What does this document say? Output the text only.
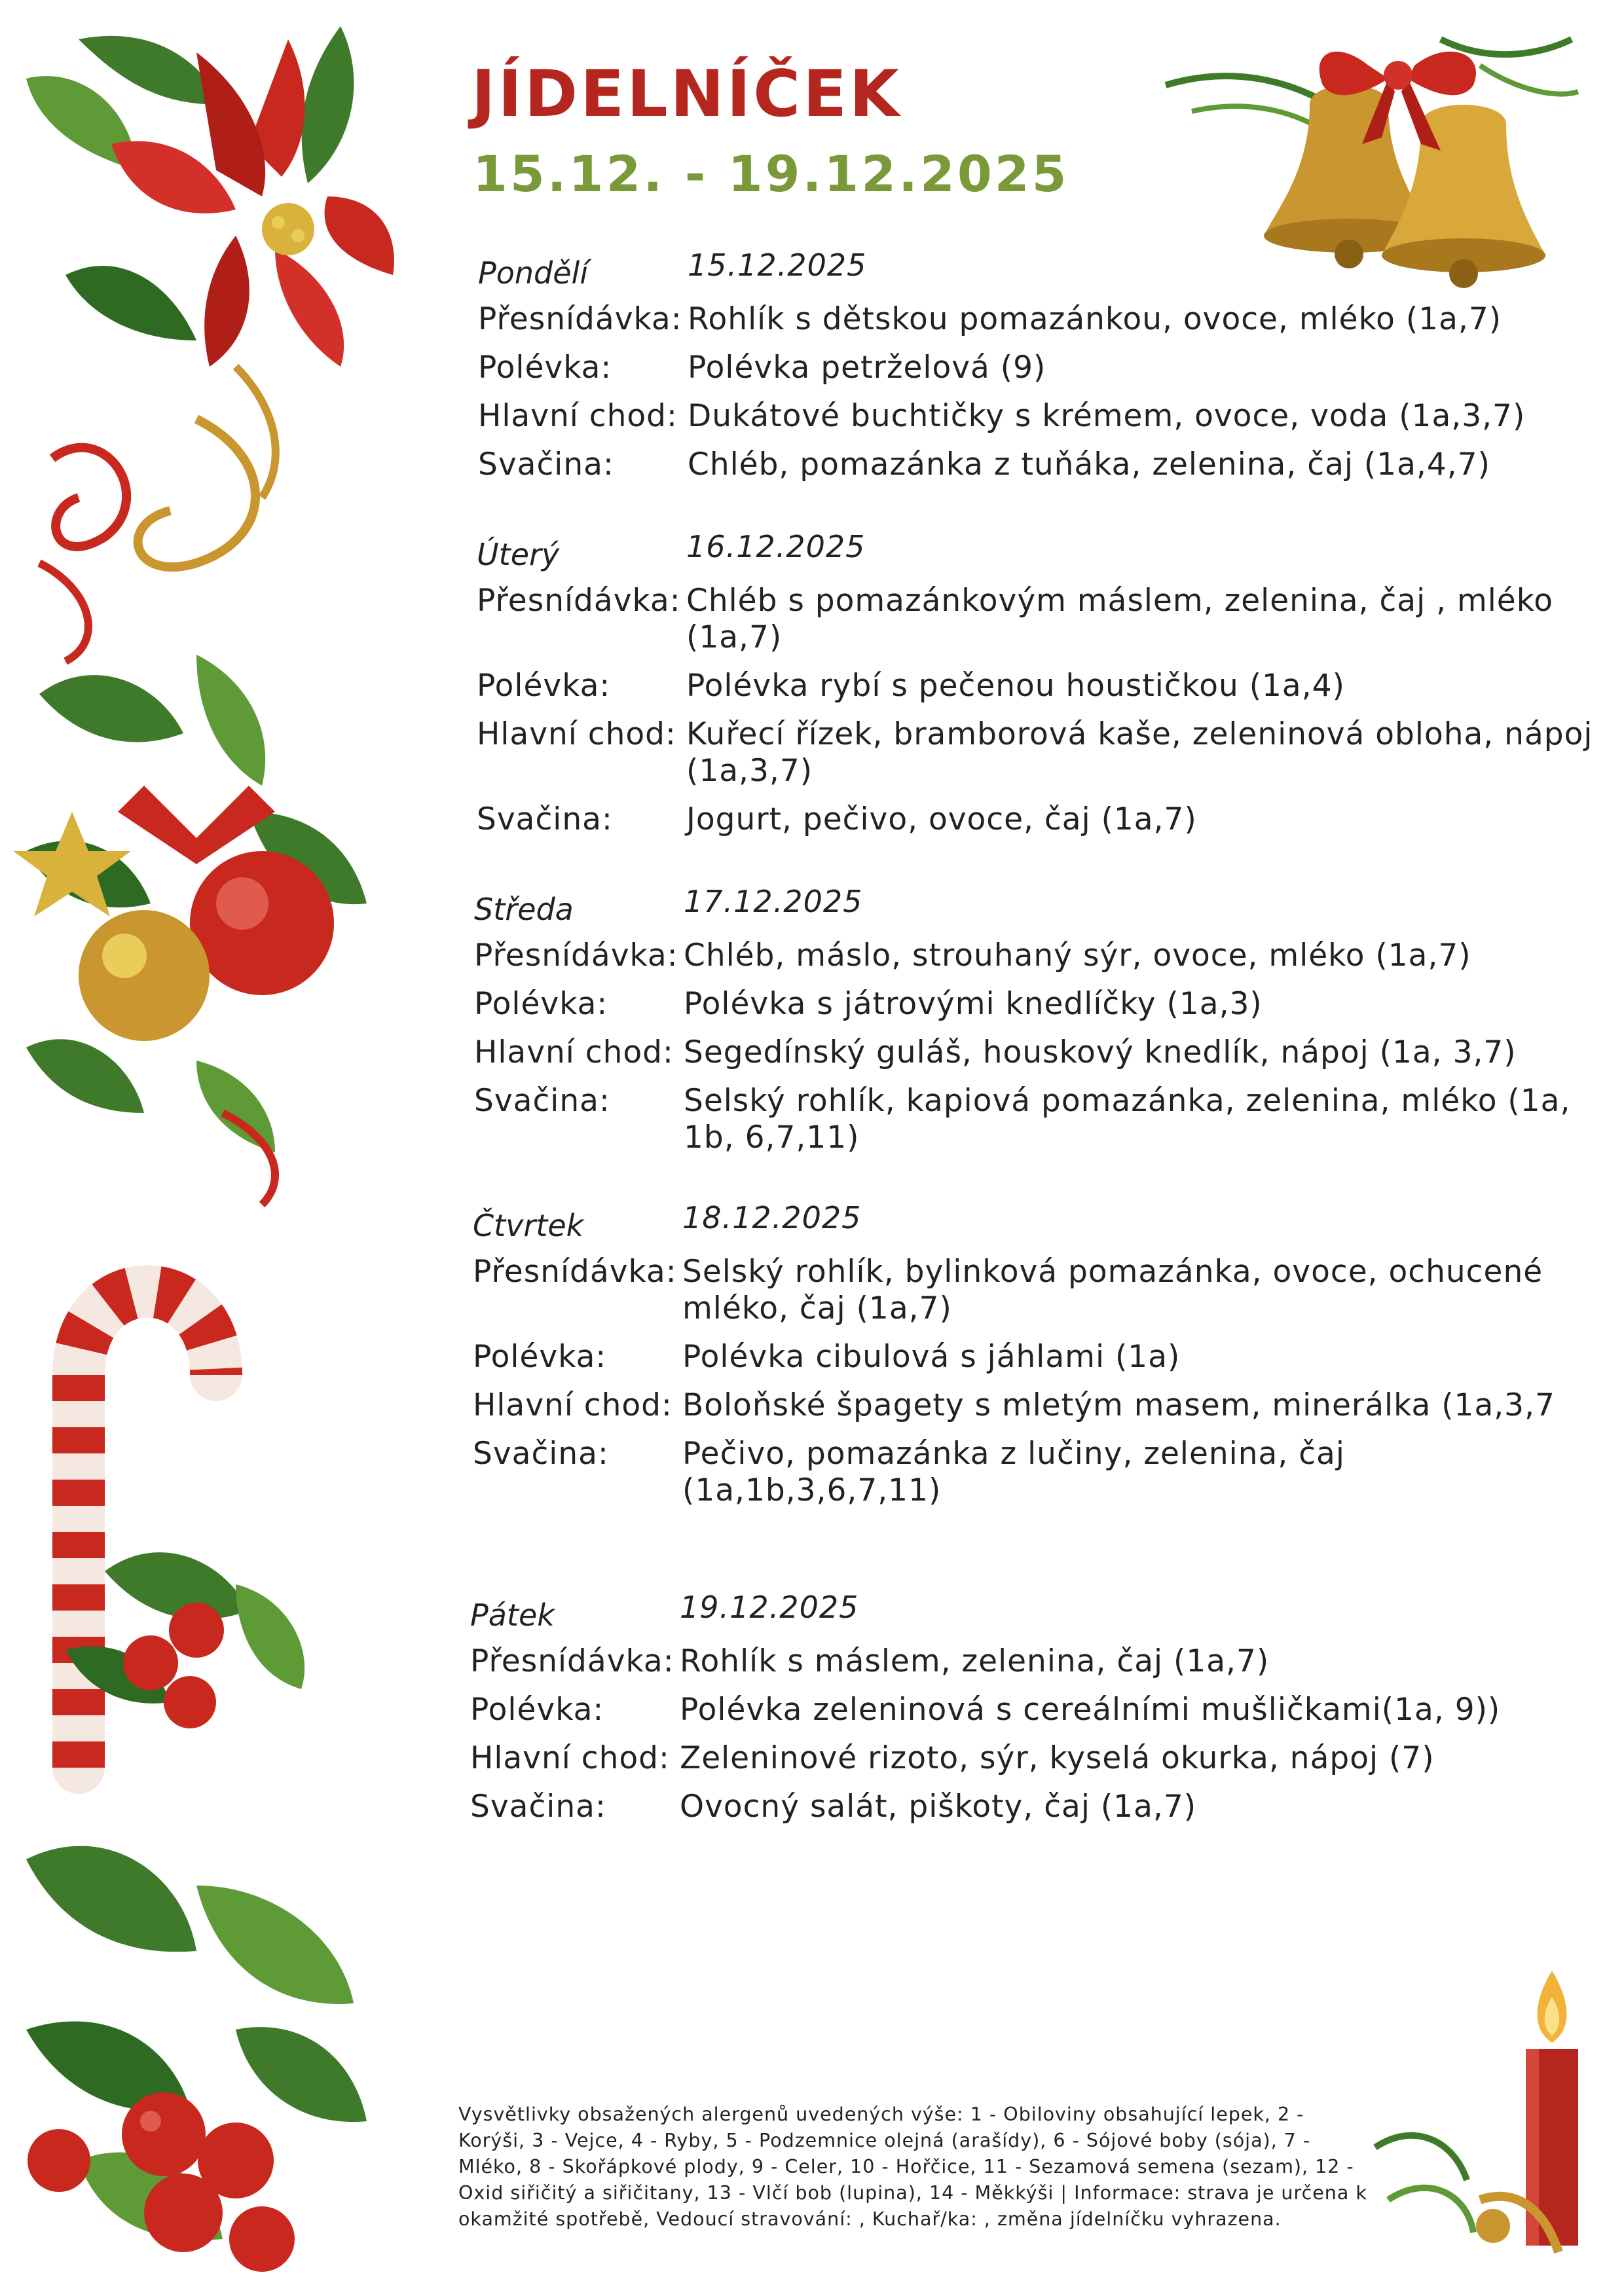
JÍDELNÍČEK
15.12. - 19.12.2025
Pondělí	15.12.2025
Přesnídávka: Rohlík s dětskou pomazánkou, ovoce, mléko (1a,7)
Polévka:	Polévka petrželová (9)
Hlavní chod: Dukátové buchtičky s krémem, ovoce, voda (1a,3,7)
Svačina:	Chléb, pomazánka z tuňáka, zelenina, čaj (1a,4,7)
Úterý	16.12.2025
Přesnídávka: Chléb s pomazánkovým máslem, zelenina, čaj , mléko (1a,7)
Polévka:	Polévka rybí s pečenou houstičkou (1a,4)
Hlavní chod: Kuřecí řízek, bramborová kaše, zeleninová obloha, nápoj (1a,3,7)
Svačina:	Jogurt, pečivo, ovoce, čaj (1a,7)
Středa	17.12.2025
Přesnídávka: Chléb, máslo, strouhaný sýr, ovoce, mléko (1a,7)
Polévka:	Polévka s játrovými knedlíčky (1a,3)
Hlavní chod: Segedínský guláš, houskový knedlík, nápoj (1a, 3,7)
Svačina:	Selský rohlík, kapiová pomazánka, zelenina, mléko (1a, 1b, 6,7,11)
Čtvrtek	18.12.2025
Přesnídávka: Selský rohlík, bylinková pomazánka, ovoce, ochucené mléko, čaj (1a,7)
Polévka:	Polévka cibulová s jáhlami (1a)
Hlavní chod: Boloňské špagety s mletým masem, minerálka (1a,3,7
Svačina:	Pečivo, pomazánka z lučiny, zelenina, čaj (1a,1b,3,6,7,11)
Pátek	19.12.2025
Přesnídávka: Rohlík s máslem, zelenina, čaj (1a,7)
Polévka:	Polévka zeleninová s cereálními mušličkami(1a, 9))
Hlavní chod: Zeleninové rizoto, sýr, kyselá okurka, nápoj (7)
Svačina:	Ovocný salát, piškoty, čaj (1a,7)
Vysvětlivky obsažených alergenů uvedených výše: 1 - Obiloviny obsahující lepek, 2 - Korýši, 3 - Vejce, 4 - Ryby, 5 - Podzemnice olejná (arašídy), 6 - Sójové boby (sója), 7 - Mléko, 8 - Skořápkové plody, 9 - Celer, 10 - Hořčice, 11 - Sezamová semena (sezam), 12 - Oxid siřičitý a siřičitany, 13 - Vlčí bob (lupina), 14 - Měkkýši | Informace: strava je určena k okamžité spotřebě, Vedoucí stravování: , Kuchař/ka: , změna jídelníčku vyhrazena.
